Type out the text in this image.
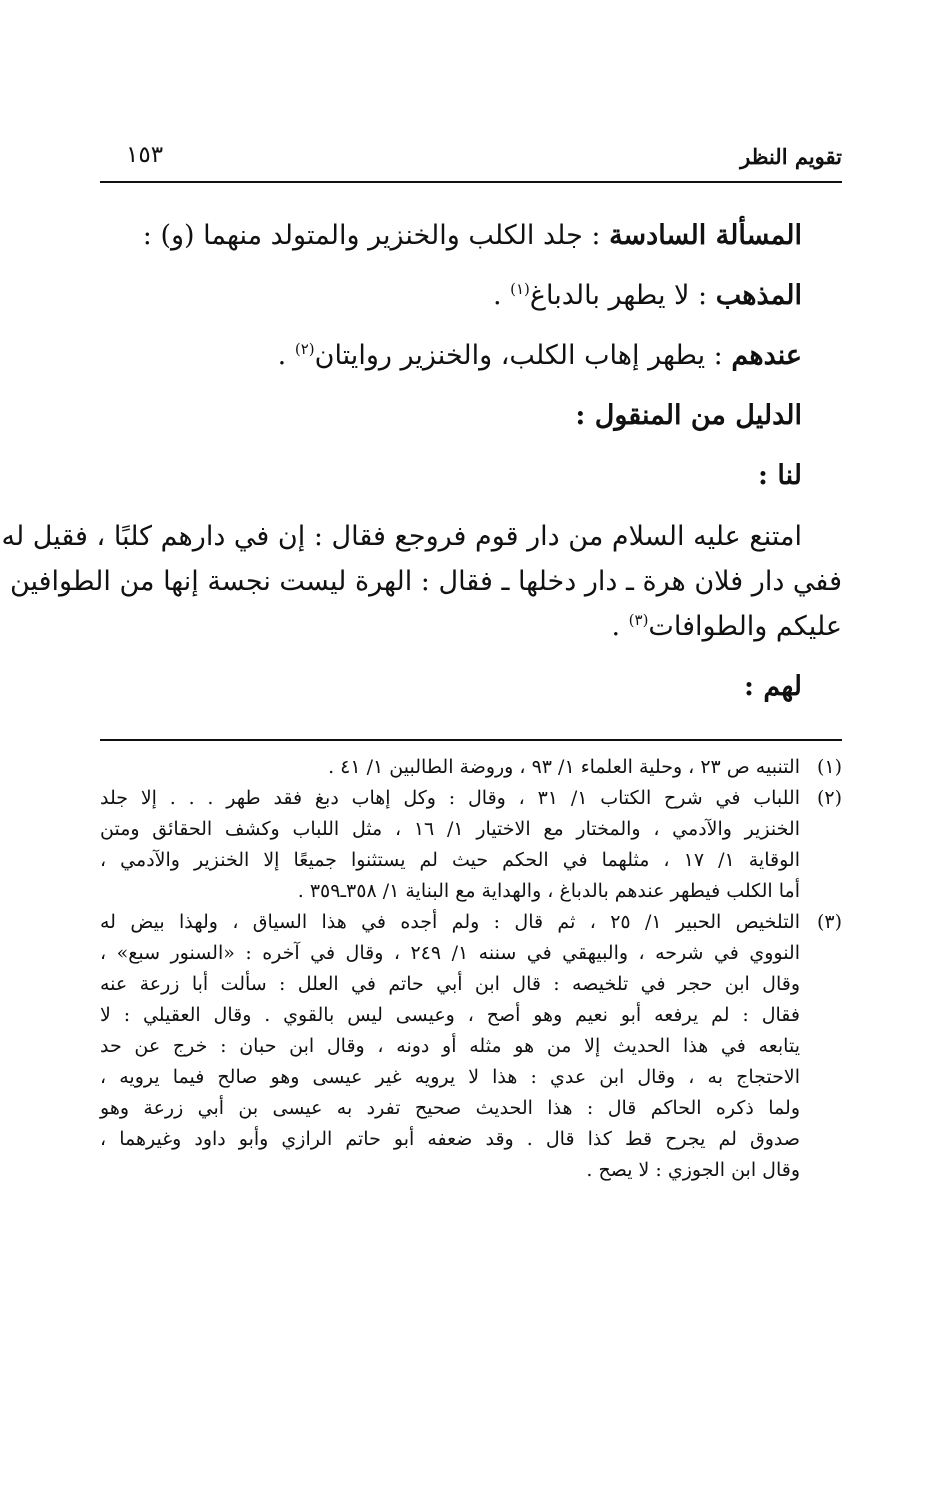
تقويم النظر
١٥٣
المسألة السادسة : جلد الكلب والخنزير والمتولد منهما (و) :
المذهب : لا يطهر بالدباغ$^{(١)}$ .
عندهم : يطهر إهاب الكلب، والخنزير روايتان$^{(٢)}$ .
الدليل من المنقول :
لنا :
امتنع عليه السلام من دار قوم فروجع فقال : إن في دارهم كلبًا ، فقيل له
ففي دار فلان هرة ـ دار دخلها ـ فقال : الهرة ليست نجسة إنها من الطوافين
عليكم والطوافات$^{(٣)}$ .
لهم :
(١)
التنبيه ص ٢٣ ، وحلية العلماء ١/ ٩٣ ، وروضة الطالبين ١/ ٤١ .
(٢)
اللباب في شرح الكتاب ١/ ٣١ ، وقال : وكل إهاب دبغ فقد طهر . . . إلا جلد
الخنزير والآدمي ، والمختار مع الاختيار ١/ ١٦ ، مثل اللباب وكشف الحقائق ومتن
الوقاية ١/ ١٧ ، مثلهما في الحكم حيث لم يستثنوا جميعًا إلا الخنزير والآدمي ،
أما الكلب فيطهر عندهم بالدباغ ، والهداية مع البناية ١/ ٣٥٨ـ٣٥٩ .
(٣)
التلخيص الحبير ١/ ٢٥ ، ثم قال : ولم أجده في هذا السياق ، ولهذا بيض له
النووي في شرحه ، والبيهقي في سننه ١/ ٢٤٩ ، وقال في آخره : «السنور سبع» ،
وقال ابن حجر في تلخيصه : قال ابن أبي حاتم في العلل : سألت أبا زرعة عنه
فقال : لم يرفعه أبو نعيم وهو أصح ، وعيسى ليس بالقوي . وقال العقيلي : لا
يتابعه في هذا الحديث إلا من هو مثله أو دونه ، وقال ابن حبان : خرج عن حد
الاحتجاج به ، وقال ابن عدي : هذا لا يرويه غير عيسى وهو صالح فيما يرويه ،
ولما ذكره الحاكم قال : هذا الحديث صحيح تفرد به عيسى بن أبي زرعة وهو
صدوق لم يجرح قط كذا قال . وقد ضعفه أبو حاتم الرازي وأبو داود وغيرهما ،
وقال ابن الجوزي : لا يصح .
